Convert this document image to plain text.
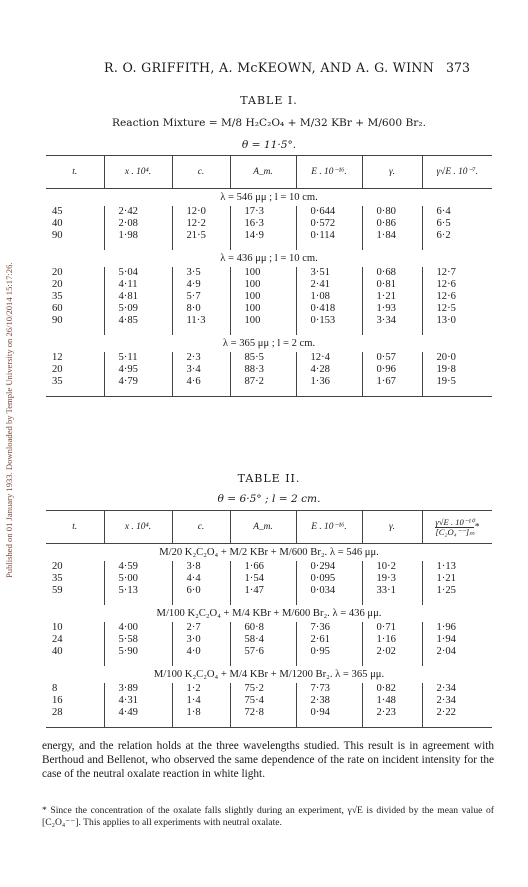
Published on 01 January 1933. Downloaded by Temple University on 26/10/2014 15:17:26.
R. O. GRIFFITH, A. McKEOWN, AND A. G. WINN 373
TABLE I.
Reaction Mixture = M/8 H₂C₂O₄ + M/32 KBr + M/600 Br₂.
θ = 11·5°.

t.	x . 10⁴.	c.	A_m.	E . 10⁻¹⁶.	γ.	γ√E . 10⁻⁷.
λ = 546 μμ ; l = 10 cm.						
45	2·42	12·0	17·3	0·644	0·80	6·4
40	2·08	12·2	16·3	0·572	0·86	6·5
90	1·98	21·5	14·9	0·114	1·84	6·2

λ = 436 μμ ; l = 10 cm.						
20	5·04	3·5	100	3·51	0·68	12·7
20	4·11	4·9	100	2·41	0·81	12·6
35	4·81	5·7	100	1·08	1·21	12·6
60	5·09	8·0	100	0·418	1·93	12·5
90	4·85	11·3	100	0·153	3·34	13·0

λ = 365 μμ ; l = 2 cm.						
12	5·11	2·3	85·5	12·4	0·57	20·0
20	4·95	3·4	88·3	4·28	0·96	19·8
35	4·79	4·6	87·2	1·36	1·67	19·5

TABLE II.
θ = 6·5° ; l = 2 cm.

t.	x . 10⁴.	c.	A_m.	E . 10⁻¹⁶.	γ.	$\frac{\text{γ√E . 10⁻¹⁰}}{\text{[C₂O₄⁻⁻]ₘ}}*$
M/20 K₂C₂O₄ + M/2 KBr + M/600 Br₂. λ = 546 μμ.						
20	4·59	3·8	1·66	0·294	10·2	1·13
35	5·00	4·4	1·54	0·095	19·3	1·21
59	5·13	6·0	1·47	0·034	33·1	1·25

M/100 K₂C₂O₄ + M/4 KBr + M/600 Br₂. λ = 436 μμ.						
10	4·00	2·7	60·8	7·36	0·71	1·96
24	5·58	3·0	58·4	2·61	1·16	1·94
40	5·90	4·0	57·6	0·95	2·02	2·04

M/100 K₂C₂O₄ + M/4 KBr + M/1200 Br₂. λ = 365 μμ.						
8	3·89	1·2	75·2	7·73	0·82	2·34
16	4·31	1·4	75·4	2·38	1·48	2·34
28	4·49	1·8	72·8	0·94	2·23	2·22

energy, and the relation holds at the three wavelengths studied. This result is in agreement with Berthoud and Bellenot, who observed the same dependence of the rate on incident intensity for the case of the neutral oxalate reaction in white light.
* Since the concentration of the oxalate falls slightly during an experiment, γ√E is divided by the mean value of [C₂O₄⁻⁻]. This applies to all experiments with neutral oxalate.
